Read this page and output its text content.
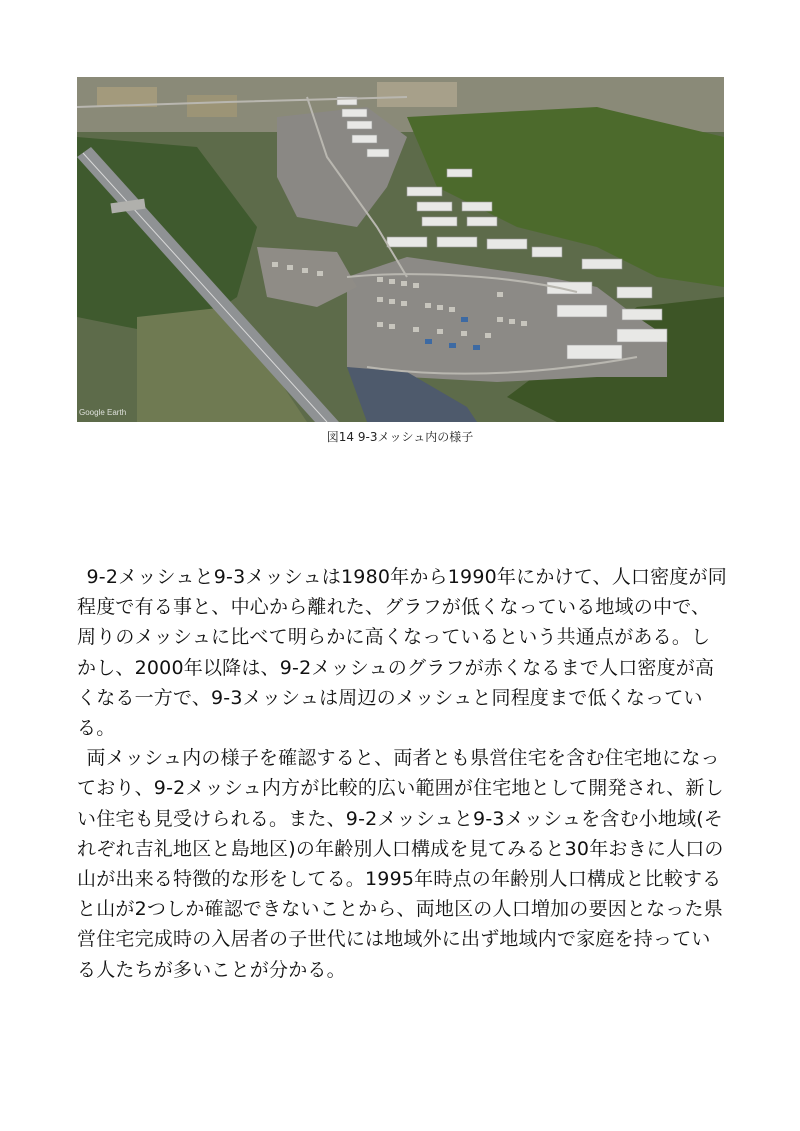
Google Earth
図14 9-3メッシュ内の様子

9-2メッシュと9-3メッシュは1980年から1990年にかけて、人口密度が同程度で有る事と、中心から離れた、グラフが低くなっている地域の中で、周りのメッシュに比べて明らかに高くなっているという共通点がある。しかし、2000年以降は、9-2メッシュのグラフが赤くなるまで人口密度が高くなる一方で、9-3メッシュは周辺のメッシュと同程度まで低くなっている。

両メッシュ内の様子を確認すると、両者とも県営住宅を含む住宅地になっており、9-2メッシュ内方が比較的広い範囲が住宅地として開発され、新しい住宅も見受けられる。また、9-2メッシュと9-3メッシュを含む小地域(それぞれ吉礼地区と島地区)の年齢別人口構成を見てみると30年おきに人口の山が出来る特徴的な形をしてる。1995年時点の年齢別人口構成と比較すると山が2つしか確認できないことから、両地区の人口増加の要因となった県営住宅完成時の入居者の子世代には地域外に出ず地域内で家庭を持っている人たちが多いことが分かる。
